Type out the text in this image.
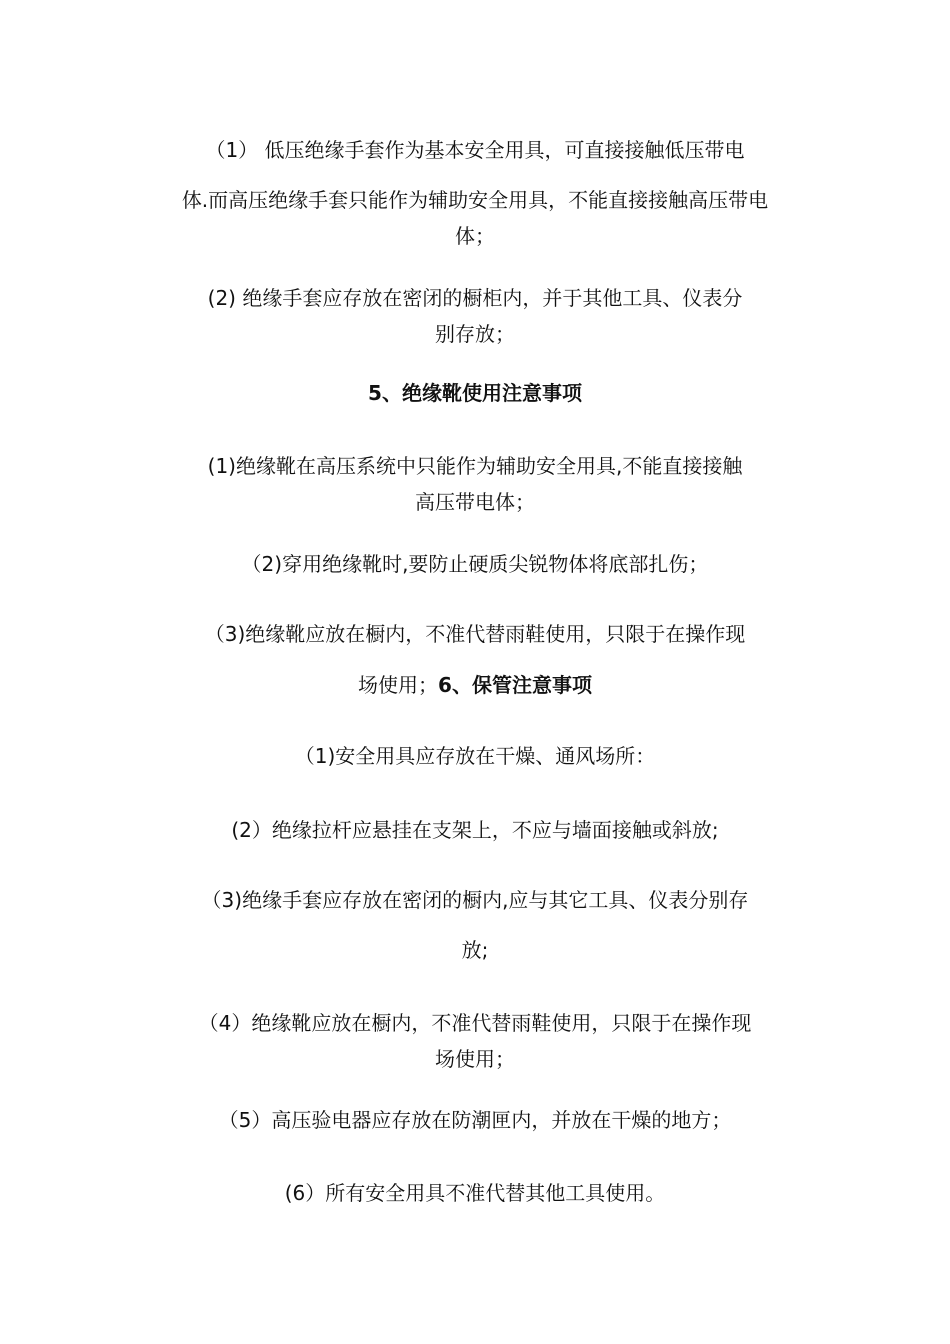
（1） 低压绝缘手套作为基本安全用具，可直接接触低压带电
体.而高压绝缘手套只能作为辅助安全用具，不能直接接触高压带电
体；
(2) 绝缘手套应存放在密闭的橱柜内，并于其他工具、仪表分
别存放；
5、绝缘靴使用注意事项
(1)绝缘靴在高压系统中只能作为辅助安全用具,不能直接接触
高压带电体；
（2)穿用绝缘靴时,要防止硬质尖锐物体将底部扎伤；
（3)绝缘靴应放在橱内，不准代替雨鞋使用，只限于在操作现
场使用；6、保管注意事项
（1)安全用具应存放在干燥、通风场所：
(2）绝缘拉杆应悬挂在支架上，不应与墙面接触或斜放;
（3)绝缘手套应存放在密闭的橱内,应与其它工具、仪表分别存
放;
（4）绝缘靴应放在橱内，不准代替雨鞋使用，只限于在操作现
场使用；
（5）高压验电器应存放在防潮匣内，并放在干燥的地方；
(6）所有安全用具不准代替其他工具使用。
